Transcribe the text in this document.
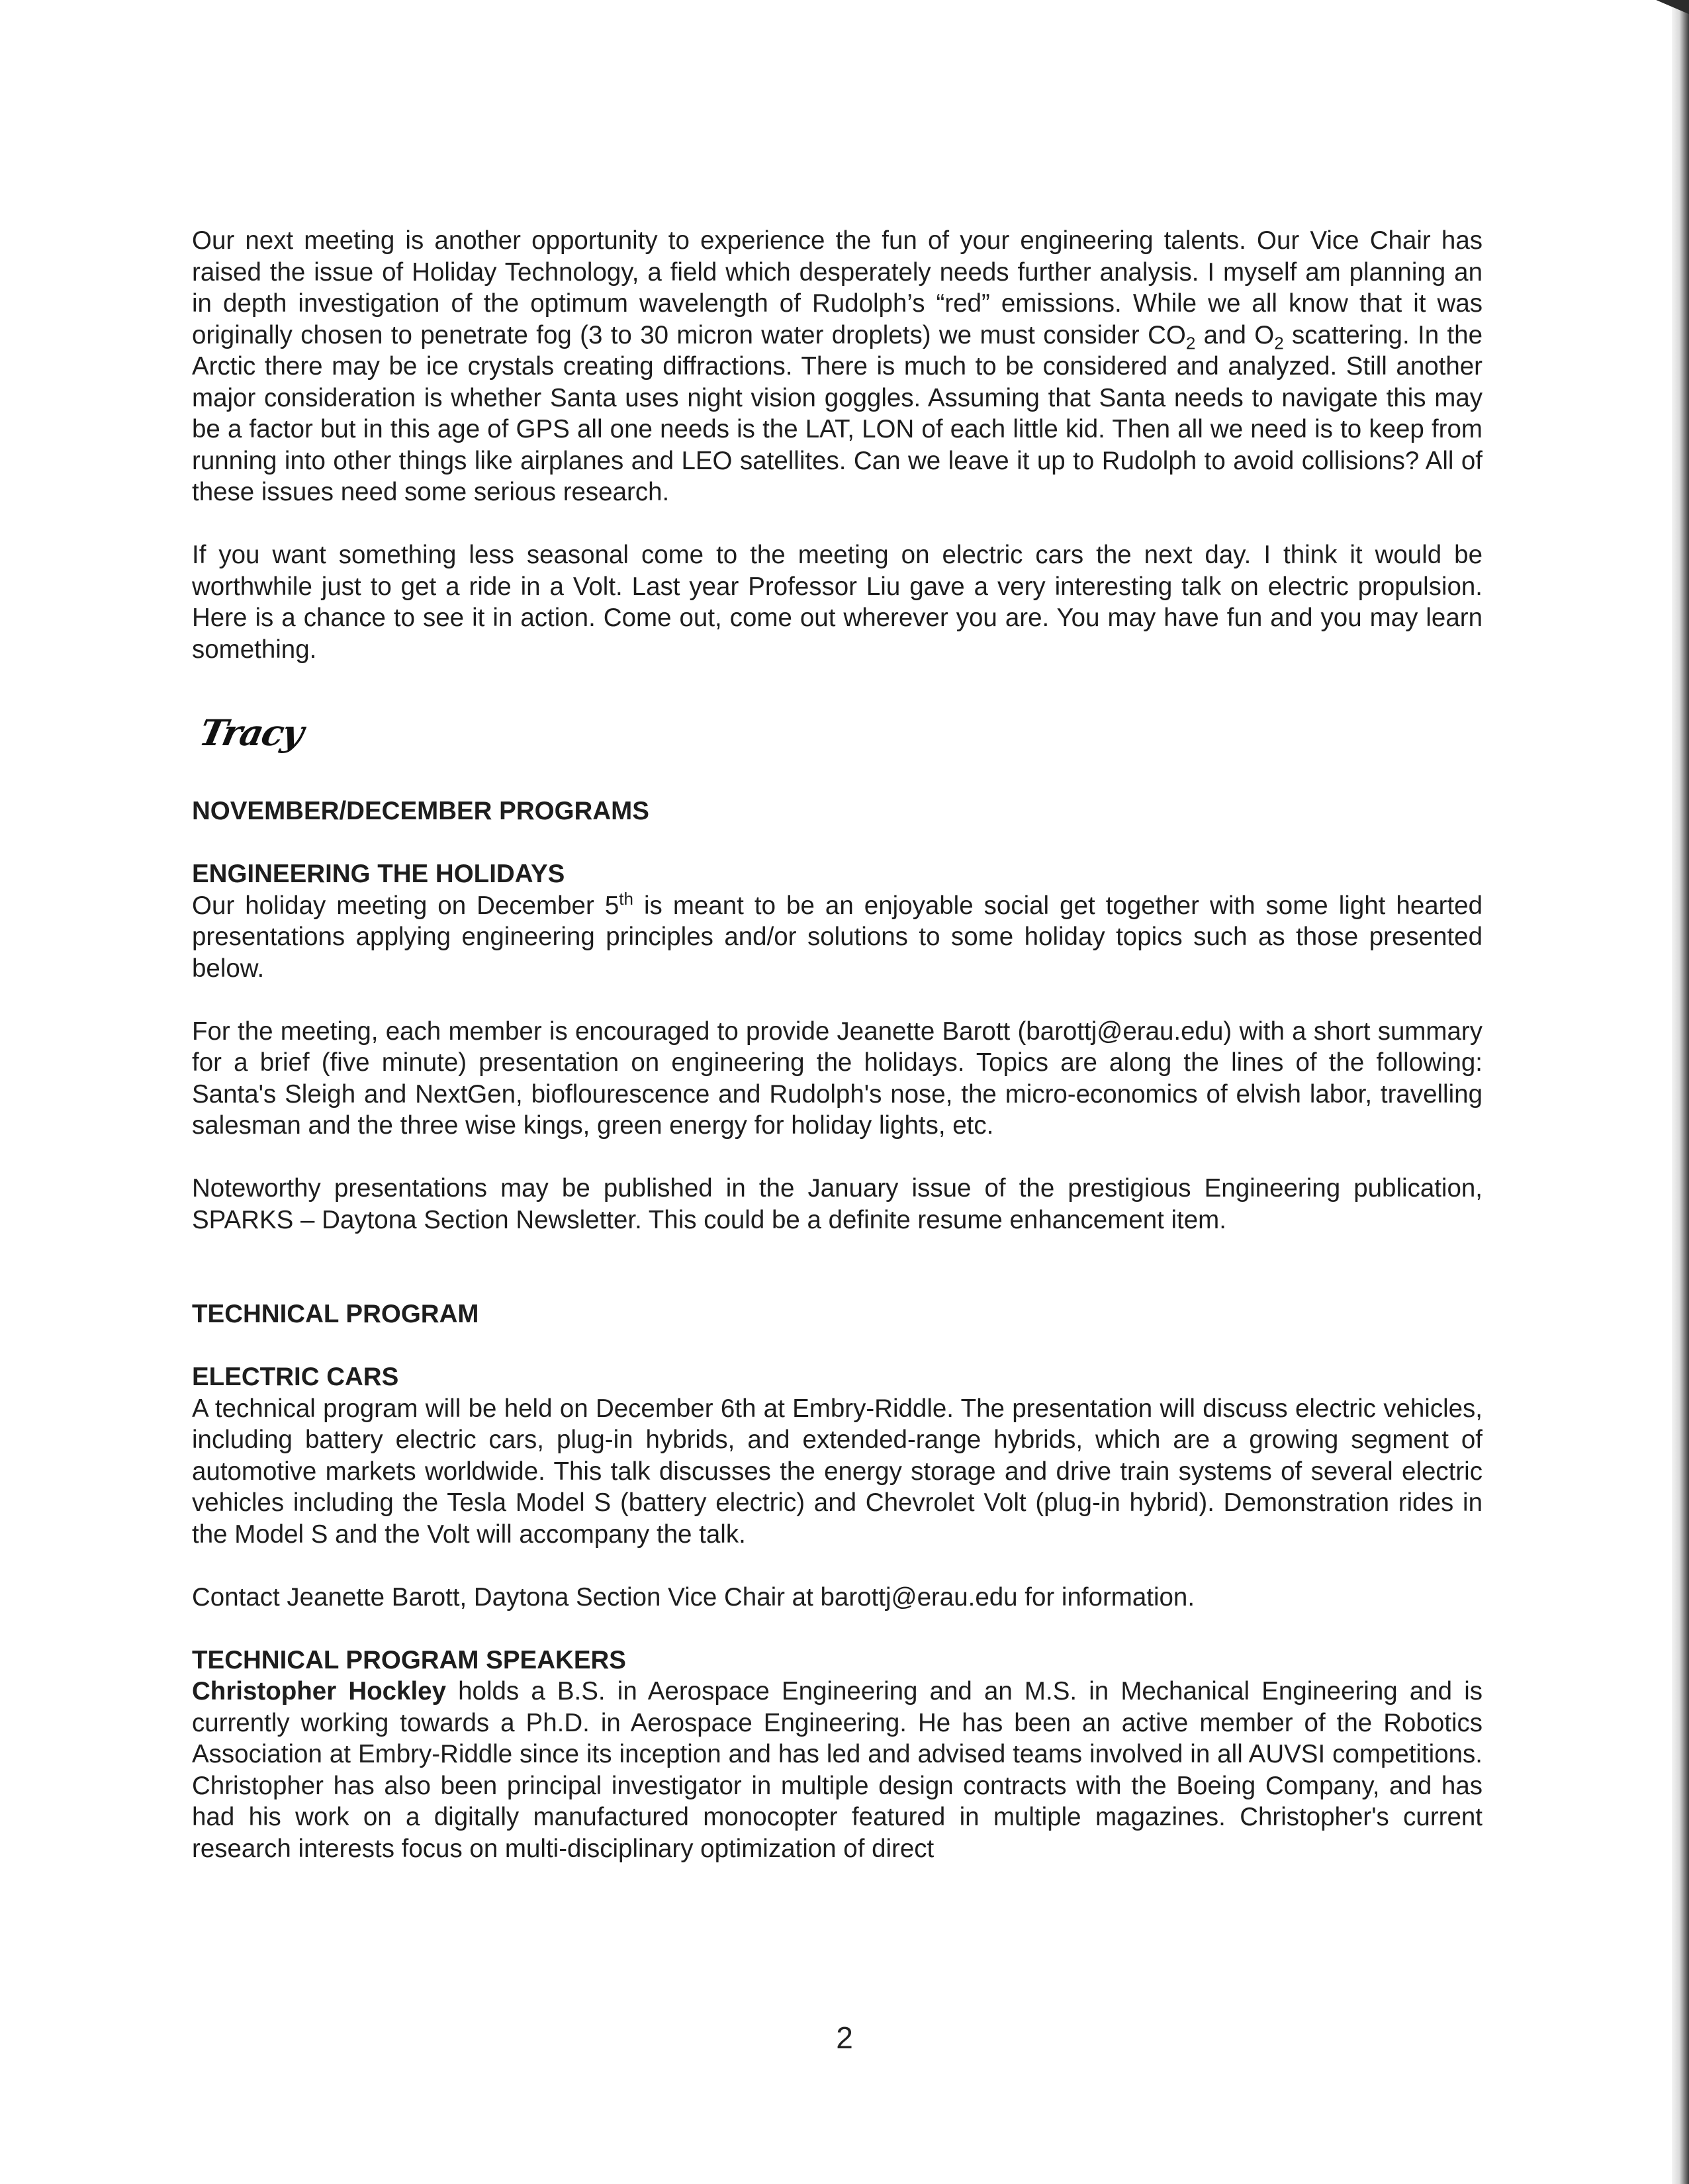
Our next meeting is another opportunity to experience the fun of your engineering talents. Our Vice Chair has raised the issue of Holiday Technology, a field which desperately needs further analysis. I myself am planning an in depth investigation of the optimum wavelength of Rudolph’s “red” emissions. While we all know that it was originally chosen to penetrate fog (3 to 30 micron water droplets) we must consider $CO_2$ and $O_2$ scattering. In the Arctic there may be ice crystals creating diffractions. There is much to be considered and analyzed. Still another major consideration is whether Santa uses night vision goggles. Assuming that Santa needs to navigate this may be a factor but in this age of GPS all one needs is the LAT, LON of each little kid. Then all we need is to keep from running into other things like airplanes and LEO satellites. Can we leave it up to Rudolph to avoid collisions? All of these issues need some serious research.

If you want something less seasonal come to the meeting on electric cars the next day. I think it would be worthwhile just to get a ride in a Volt. Last year Professor Liu gave a very interesting talk on electric propulsion. Here is a chance to see it in action. Come out, come out wherever you are. You may have fun and you may learn something.

Tracy

NOVEMBER/DECEMBER PROGRAMS

ENGINEERING THE HOLIDAYS

Our holiday meeting on December 5th is meant to be an enjoyable social get together with some light hearted presentations applying engineering principles and/or solutions to some holiday topics such as those presented below.

For the meeting, each member is encouraged to provide Jeanette Barott (barottj@erau.edu) with a short summary for a brief (five minute) presentation on engineering the holidays. Topics are along the lines of the following: Santa's Sleigh and NextGen, bioflourescence and Rudolph's nose, the micro-economics of elvish labor, travelling salesman and the three wise kings, green energy for holiday lights, etc.

Noteworthy presentations may be published in the January issue of the prestigious Engineering publication, SPARKS – Daytona Section Newsletter. This could be a definite resume enhancement item.

TECHNICAL PROGRAM

ELECTRIC CARS

A technical program will be held on December 6th at Embry-Riddle. The presentation will discuss electric vehicles, including battery electric cars, plug-in hybrids, and extended-range hybrids, which are a growing segment of automotive markets worldwide. This talk discusses the energy storage and drive train systems of several electric vehicles including the Tesla Model S (battery electric) and Chevrolet Volt (plug-in hybrid). Demonstration rides in the Model S and the Volt will accompany the talk.

Contact Jeanette Barott, Daytona Section Vice Chair at barottj@erau.edu for information.

TECHNICAL PROGRAM SPEAKERS

Christopher Hockley holds a B.S. in Aerospace Engineering and an M.S. in Mechanical Engineering and is currently working towards a Ph.D. in Aerospace Engineering. He has been an active member of the Robotics Association at Embry-Riddle since its inception and has led and advised teams involved in all AUVSI competitions. Christopher has also been principal investigator in multiple design contracts with the Boeing Company, and has had his work on a digitally manufactured monocopter featured in multiple magazines. Christopher's current research interests focus on multi-disciplinary optimization of direct

2
